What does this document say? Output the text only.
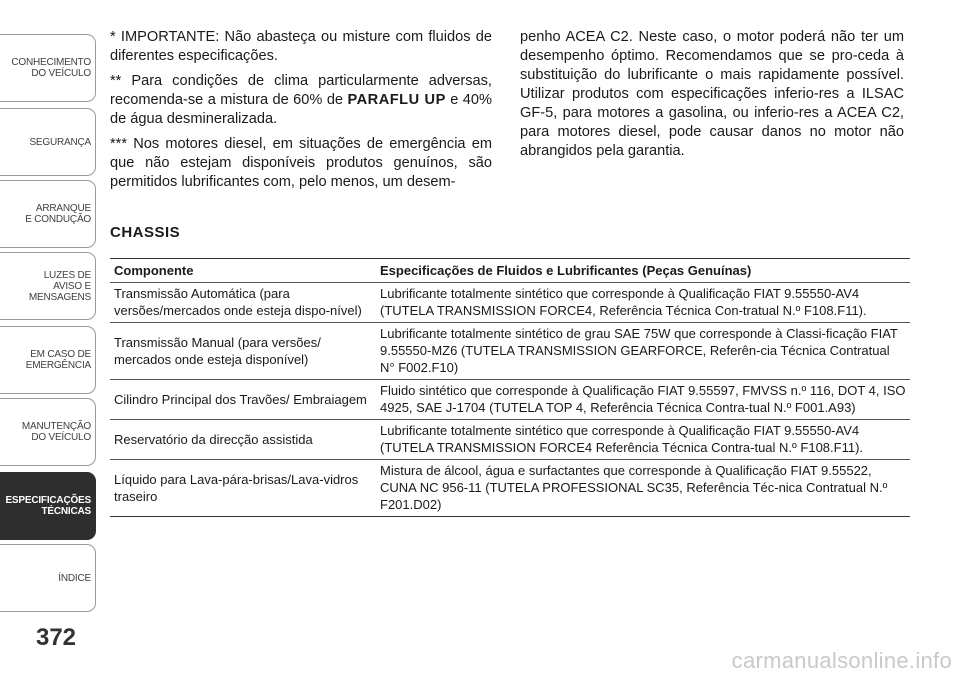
CONHECIMENTO
DO VEÍCULO
SEGURANÇA
ARRANQUE
E CONDUÇÃO
LUZES DE
AVISO E
MENSAGENS
EM CASO DE
EMERGÊNCIA
MANUTENÇÃO
DO VEÍCULO
ESPECIFICAÇÕES
TÉCNICAS
ÍNDICE
372

* IMPORTANTE: Não abasteça ou misture com fluidos de diferentes especificações.

** Para condições de clima particularmente adversas, recomenda-se a mistura de 60% de PARAFLU UP e 40% de água desmineralizada.

*** Nos motores diesel, em situações de emergência em que não estejam disponíveis produtos genuínos, são permitidos lubrificantes com, pelo menos, um desem-

penho ACEA C2. Neste caso, o motor poderá não ter um desempenho óptimo. Recomendamos que se pro-ceda à substituição do lubrificante o mais rapidamente possível. Utilizar produtos com especificações inferio-res a ILSAC GF-5, para motores a gasolina, ou inferio-res a ACEA C2, para motores diesel, pode causar danos no motor não abrangidos pela garantia.

CHASSIS
Componente	Especificações de Fluidos e Lubrificantes (Peças Genuínas)
Transmissão Automática (para versões/mercados onde esteja dispo-nível)	Lubrificante totalmente sintético que corresponde à Qualificação FIAT 9.55550-AV4 (TUTELA TRANSMISSION FORCE4, Referência Técnica Con-tratual N.º F108.F11).
Transmissão Manual (para versões/ mercados onde esteja disponível)	Lubrificante totalmente sintético de grau SAE 75W que corresponde à Classi-ficação FIAT 9.55550-MZ6 (TUTELA TRANSMISSION GEARFORCE, Referên-cia Técnica Contratual N° F002.F10)
Cilindro Principal dos Travões/ Embraiagem	Fluido sintético que corresponde à Qualificação FIAT 9.55597, FMVSS n.º 116, DOT 4, ISO 4925, SAE J-1704 (TUTELA TOP 4, Referência Técnica Contra-tual N.º F001.A93)
Reservatório da direcção assistida	Lubrificante totalmente sintético que corresponde à Qualificação FIAT 9.55550-AV4 (TUTELA TRANSMISSION FORCE4 Referência Técnica Contra-tual N.º F108.F11).
Líquido para Lava-pára-brisas/Lava-vidros traseiro	Mistura de álcool, água e surfactantes que corresponde à Qualificação FIAT 9.55522, CUNA NC 956-11 (TUTELA PROFESSIONAL SC35, Referência Téc-nica Contratual N.º F201.D02)
carmanualsonline.info
